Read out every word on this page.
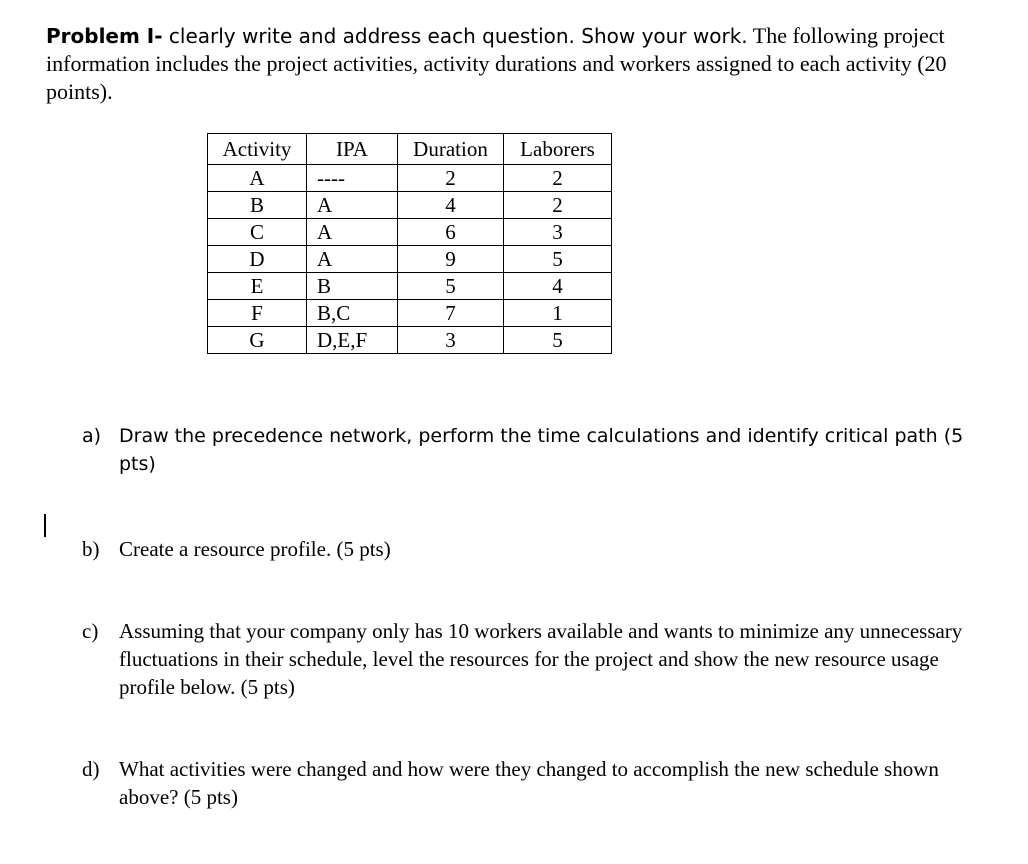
Problem I- clearly write and address each question. Show your work. The following project information includes the project activities, activity durations and workers assigned to each activity (20 points).

Activity	IPA	Duration	Laborers
A	----	2	2
B	A	4	2
C	A	6	3
D	A	9	5
E	B	5	4
F	B,C	7	1
G	D,E,F	3	5
a) Draw the precedence network, perform the time calculations and identify critical path (5 pts)
b) Create a resource profile. (5 pts)
c) Assuming that your company only has 10 workers available and wants to minimize any unnecessary fluctuations in their schedule, level the resources for the project and show the new resource usage profile below. (5 pts)
d) What activities were changed and how were they changed to accomplish the new schedule shown above? (5 pts)
